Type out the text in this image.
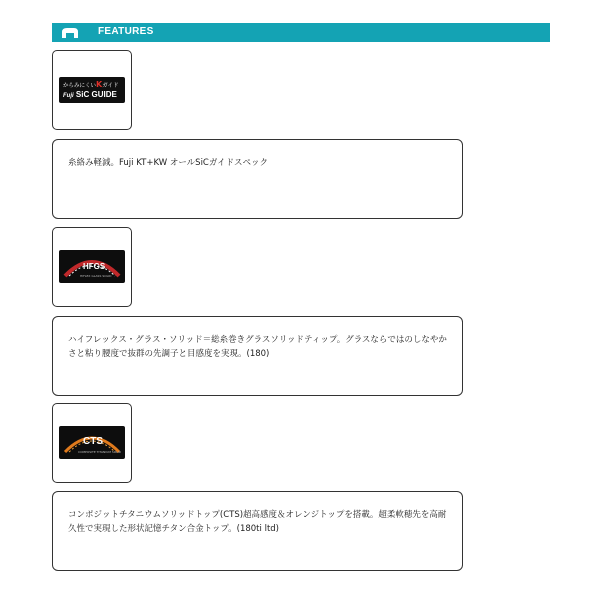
FEATURES
からみにくいKガイド
Fuji SiC GUIDE

糸絡み軽減。Fuji KT+KW オールSiCガイドスペック

HFGS
HIFLEX GLASS SOLID

ハイフレックス・グラス・ソリッド＝総糸巻きグラスソリッドティップ。グラスならではのしなやかさと粘り腰度で抜群の先調子と目感度を実現。(180)

CTS
COMPOSITE TITANIUM SOLID

コンポジットチタニウムソリッドトップ(CTS)超高感度＆オレンジトップを搭載。超柔軟穂先を高耐久性で実現した形状記憶チタン合金トップ。(180ti ltd)
